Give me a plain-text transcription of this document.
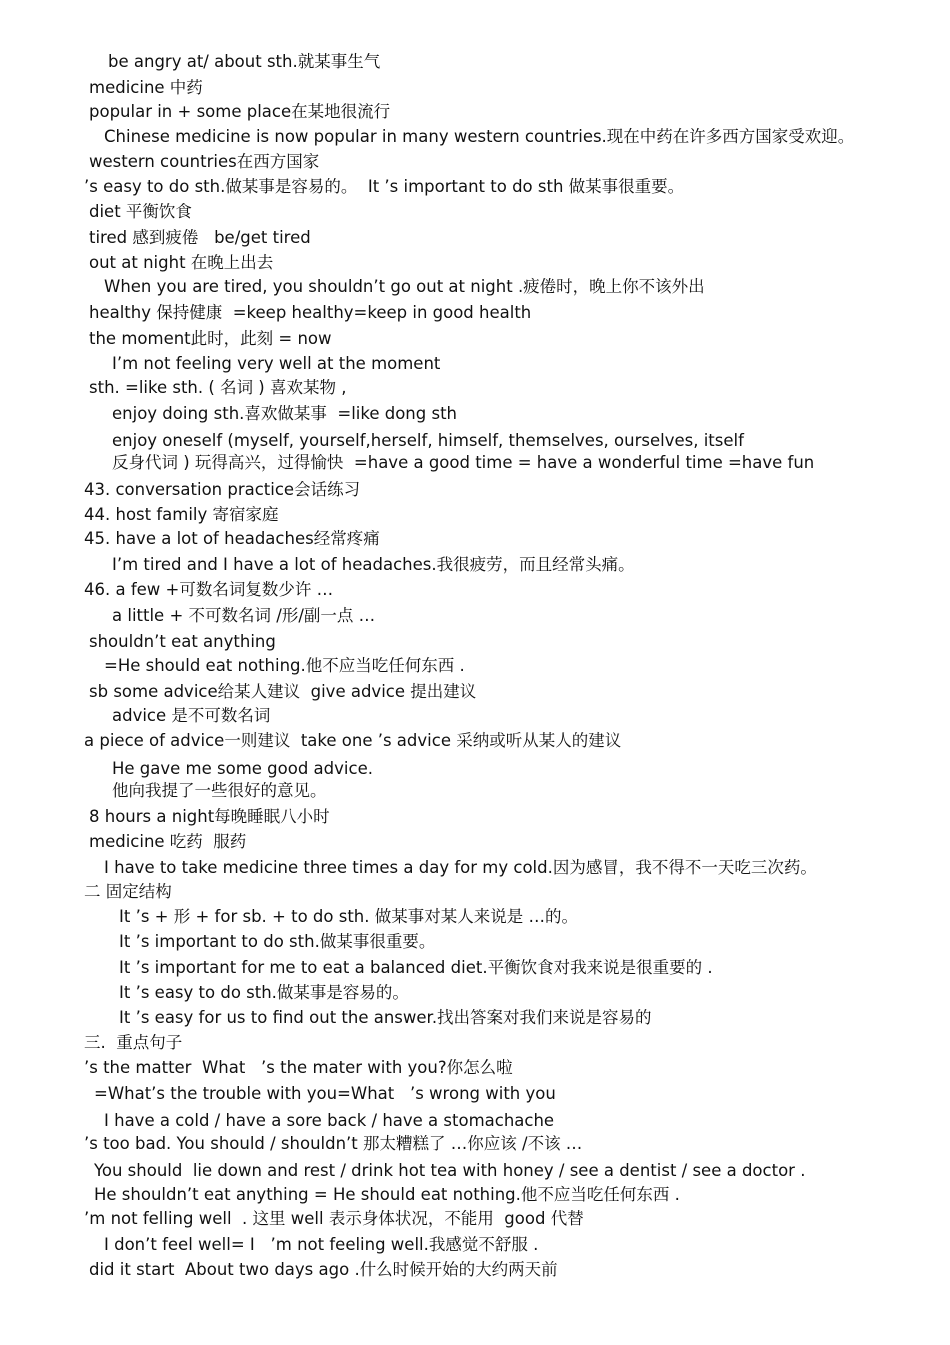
be angry at/ about sth.就某事生气
medicine 中药
popular in + some place在某地很流行
Chinese medicine is now popular in many western countries.现在中药在许多西方国家受欢迎。
western countries在西方国家
’s easy to do sth.做某事是容易的。  It ’s important to do sth 做某事很重要。
diet 平衡饮食
tired 感到疲倦   be/get tired
out at night 在晚上出去
When you are tired, you shouldn’t go out at night .疲倦时，晚上你不该外出
healthy 保持健康  =keep healthy=keep in good health
the moment此时，此刻 = now
I’m not feeling very well at the moment
sth. =like sth. ( 名词 ) 喜欢某物 ,
enjoy doing sth.喜欢做某事  =like dong sth
enjoy oneself (myself, yourself,herself, himself, themselves, ourselves, itself
反身代词 ) 玩得高兴，过得愉快  =have a good time = have a wonderful time =have fun
43. conversation practice会话练习
44. host family 寄宿家庭
45. have a lot of headaches经常疼痛
I’m tired and I have a lot of headaches.我很疲劳，而且经常头痛。
46. a few +可数名词复数少许 …
a little + 不可数名词 /形/副一点 …
shouldn’t eat anything
=He should eat nothing.他不应当吃任何东西 .
sb some advice给某人建议  give advice 提出建议
advice 是不可数名词
a piece of advice一则建议  take one ’s advice 采纳或听从某人的建议
He gave me some good advice.
他向我提了一些很好的意见。
8 hours a night每晚睡眠八小时
medicine 吃药  服药
I have to take medicine three times a day for my cold.因为感冒，我不得不一天吃三次药。
二 固定结构
It ’s + 形 + for sb. + to do sth. 做某事对某人来说是 …的。
It ’s important to do sth.做某事很重要。
It ’s important for me to eat a balanced diet.平衡饮食对我来说是很重要的 .
It ’s easy to do sth.做某事是容易的。
It ’s easy for us to find out the answer.找出答案对我们来说是容易的
三.  重点句子
’s the matter  What   ’s the mater with you?你怎么啦
=What’s the trouble with you=What   ’s wrong with you
I have a cold / have a sore back / have a stomachache
’s too bad. You should / shouldn’t 那太糟糕了 …你应该 /不该 …
You should  lie down and rest / drink hot tea with honey / see a dentist / see a doctor .
He shouldn’t eat anything = He should eat nothing.他不应当吃任何东西 .
’m not felling well  . 这里 well 表示身体状况，不能用  good 代替
I don’t feel well= I   ’m not feeling well.我感觉不舒服 .
did it start  About two days ago .什么时候开始的大约两天前
